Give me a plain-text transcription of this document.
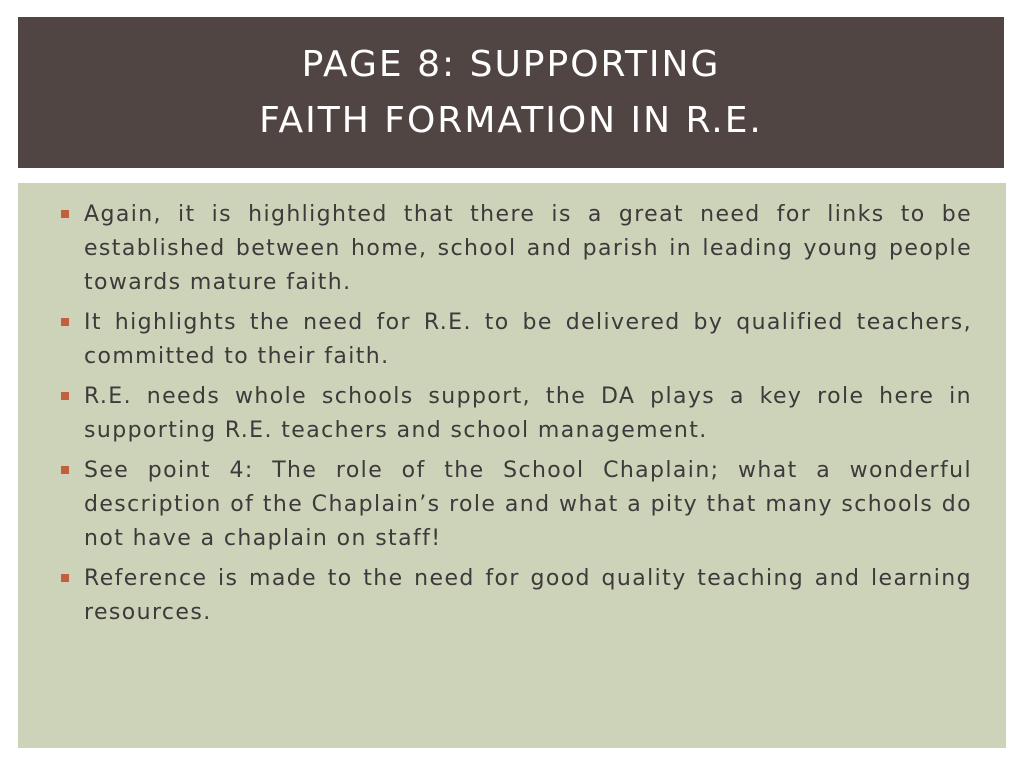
PAGE 8: SUPPORTING
FAITH FORMATION IN R.E.
Again, it is highlighted that there is a great need for links to be established between home, school and parish in leading young people towards mature faith.
It highlights the need for R.E. to be delivered by qualified teachers, committed to their faith.
R.E. needs whole schools support, the DA plays a key role here in supporting R.E. teachers and school management.
See point 4: The role of the School Chaplain; what a wonderful description of the Chaplain’s role and what a pity that many schools do not have a chaplain on staff!
Reference is made to the need for good quality teaching and learning resources.
